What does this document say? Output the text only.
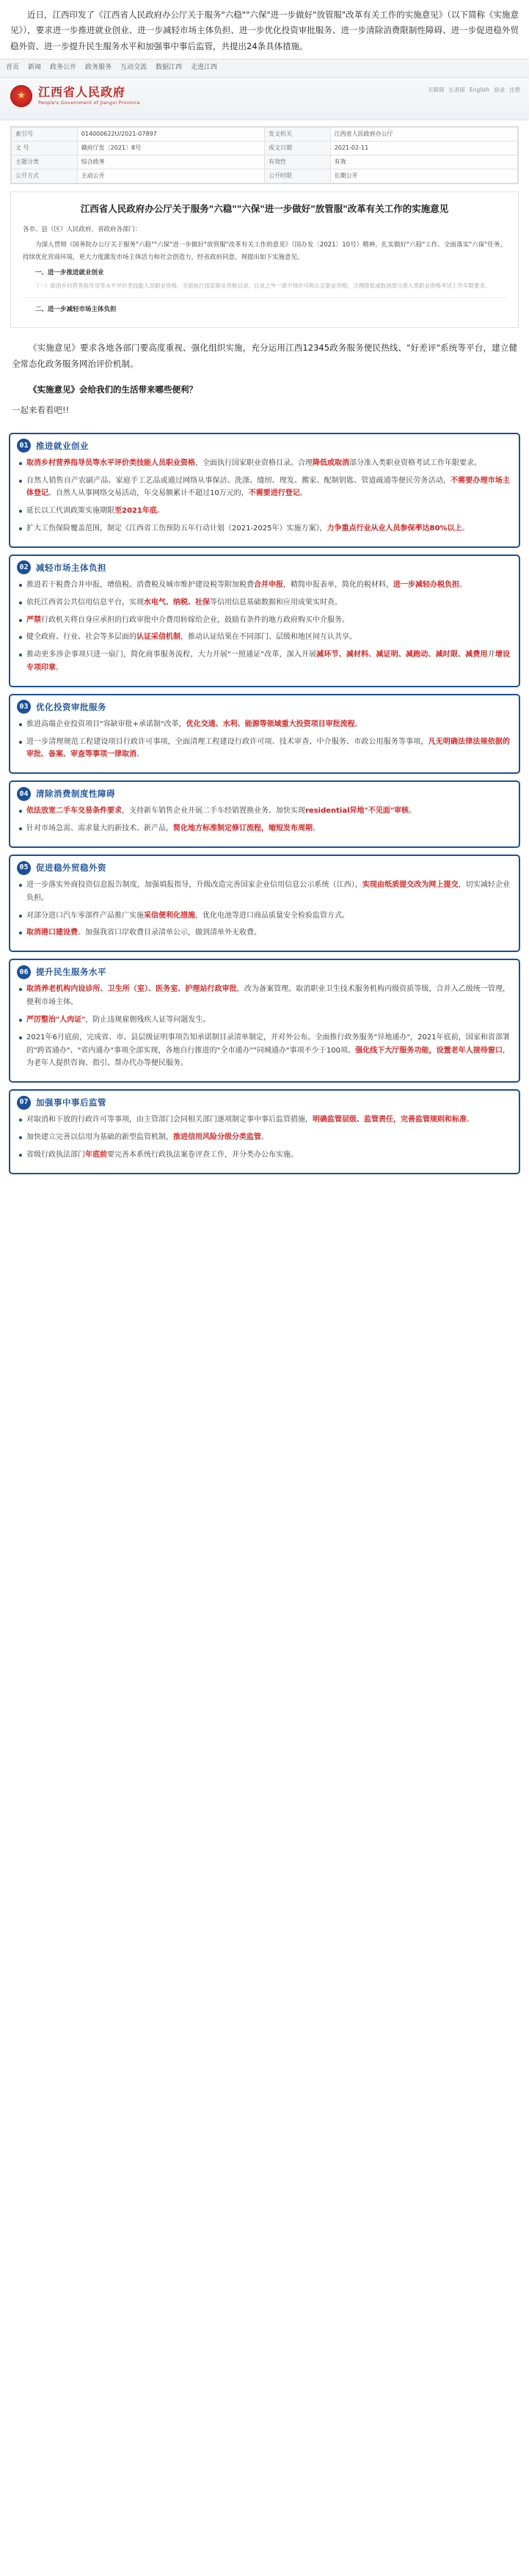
近日，江西印发了《江西省人民政府办公厅关于服务"六稳""六保"进一步做好"放管服"改革有关工作的实施意见》（以下简称《实施意见》），要求进一步推进就业创业、进一步减轻市场主体负担、进一步优化投资审批服务、进一步清除消费限制性障碍、进一步促进稳外贸稳外资、进一步提升民生服务水平和加强事中事后监管，共提出24条具体措施。
首页 新闻 政务公开 政务服务 互动交流 数据江西 走进江西
无障碍 长者版 English 登录 注册
★
江西省人民政府
People's Government of Jiangxi Province
索引号	014000622U/2021-07897	发文机关	江西省人民政府办公厅
文 号	赣府厅发〔2021〕8号	成文日期	2021-02-11
主题分类	综合政务	有效性	有效
公开方式	主动公开	公开时限	长期公开
江西省人民政府办公厅关于服务"六稳""六保"进一步做好"放管服"改革有关工作的实施意见
各市、县（区）人民政府，省政府各部门：
为深入贯彻《国务院办公厅关于服务"六稳""六保"进一步做好"放管服"改革有关工作的意见》（国办发〔2021〕10号）精神，扎实做好"六稳"工作、全面落实"六保"任务，持续优化营商环境，更大力度激发市场主体活力和社会创造力，经省政府同意，现提出如下实施意见。
一、进一步推进就业创业
（一）取消乡村营养指导员等水平评价类技能人员职业资格，全面执行国家职业资格目录，目录之外一律不得许可和认定职业资格，合理降低或取消部分准入类职业资格考试工作年限要求。
二、进一步减轻市场主体负担
《实施意见》要求各地各部门要高度重视、强化组织实施，充分运用江西12345政务服务便民热线、"好差评"系统等平台，建立健全常态化政务服务网治评价机制。
《实施意见》会给我们的生活带来哪些便利？
一起来看看吧!!
01 推进就业创业
取消乡村营养指导员等水平评价类技能人员职业资格，全面执行国家职业资格目录。合理降低或取消部分准入类职业资格考试工作年限要求。
自然人销售自产农副产品、家庭手工艺品或通过网络从事保洁、洗涤、缝纫、理发、搬家、配制钥匙、管道疏通等便民劳务活动，不需要办理市场主体登记。自然人从事网络交易活动，年交易额累计不超过10万元的，不需要进行登记。
延长以工代训政策实施期限至2021年底。
扩大工伤保险覆盖范围，制定《江西省工伤预防五年行动计划（2021-2025年）实施方案》，力争重点行业从业人员参保率达80%以上。
02 减轻市场主体负担
推进若干税费合并申报，增值税、消费税及城市维护建设税等附加税费合并申报，精简申报表单，简化的税材料，进一步减轻办税负担。
依托江西省公共信用信息平台，实现水电气、纳税、社保等信用信息基础数据和应用成果实时查。
严禁行政机关将自身应承担的行政审批中介费用转嫁给企业，鼓励有条件的地方政府购买中介服务。
健全政府、行业、社会等多层面的认证采信机制，推动认证结果在不同部门、层级和地区间互认共享。
推动更多涉企事项只进一扇门，简化商事服务流程，大力开展"一照通证"改革，深入开展减环节、减材料、减证明、减跑动、减时限、减费用并增设专项印章。
03 优化投资审批服务
推进高端企业投资项目"容缺审批+承诺制"改革，优化交通、水利、能源等领域重大投资项目审批流程。
进一步清理规范工程建设项目行政许可事项，全面清理工程建设行政许可项、技术审查、中介服务、市政公用服务等事项，凡无明确法律法规依据的审批、备案、审查等事项一律取消。
04 清除消费制度性障碍
依法放宽二手车交易条件要求，支持新车销售企业开展二手车经销置换业务。加快实现residential异地"不见面"审核。
针对市场急需、需求量大的新技术、新产品，简化地方标准制定修订流程，缩短发布周期。
05 促进稳外贸稳外资
进一步落实外商投资信息报告制度，加强填报指导，升级改造完善国家企业信用信息公示系统（江西），实现由纸质提交改为网上提交，切实减轻企业负担。
对部分进口汽车零部件产品推广实施采信便利化措施，优化电池等进口商品质量安全检验监管方式。
取消港口建设费。加强我省口岸收费目录清单公示，做到清单外无收费。
06 提升民生服务水平
取消养老机构内设诊所、卫生所（室）、医务室、护理站行政审批，改为备案管理。取消职业卫生技术服务机构丙级资质等级，合并入乙级统一管理，便利市场主体。
严厉整治"人肉证"，防止违规雇佣残疾人证等问题发生。
2021年6月底前，完成省、市、县层级证明事项告知承诺制目录清单制定，并对外公布。全面推行政务服务"异地通办"，2021年底前，国家和省部署的"跨省通办"、"省内通办"事项全部实现，各地自行推进的"全市通办""同城通办"事项不少于100项。强化线下大厅服务功能，设置老年人接待窗口，为老年人提供咨询、指引、帮办代办等便民服务。
07 加强事中事后监管
对取消和下放的行政许可等事项，由主管部门会同相关部门逐项制定事中事后监管措施，明确监管层级、监管责任，完善监管规则和标准。
加快建立完善以信用为基础的新型监管机制，推进信用风险分级分类监管。
省级行政执法部门年底前要完善本系统行政执法案卷评查工作，并分类办公布实施。
